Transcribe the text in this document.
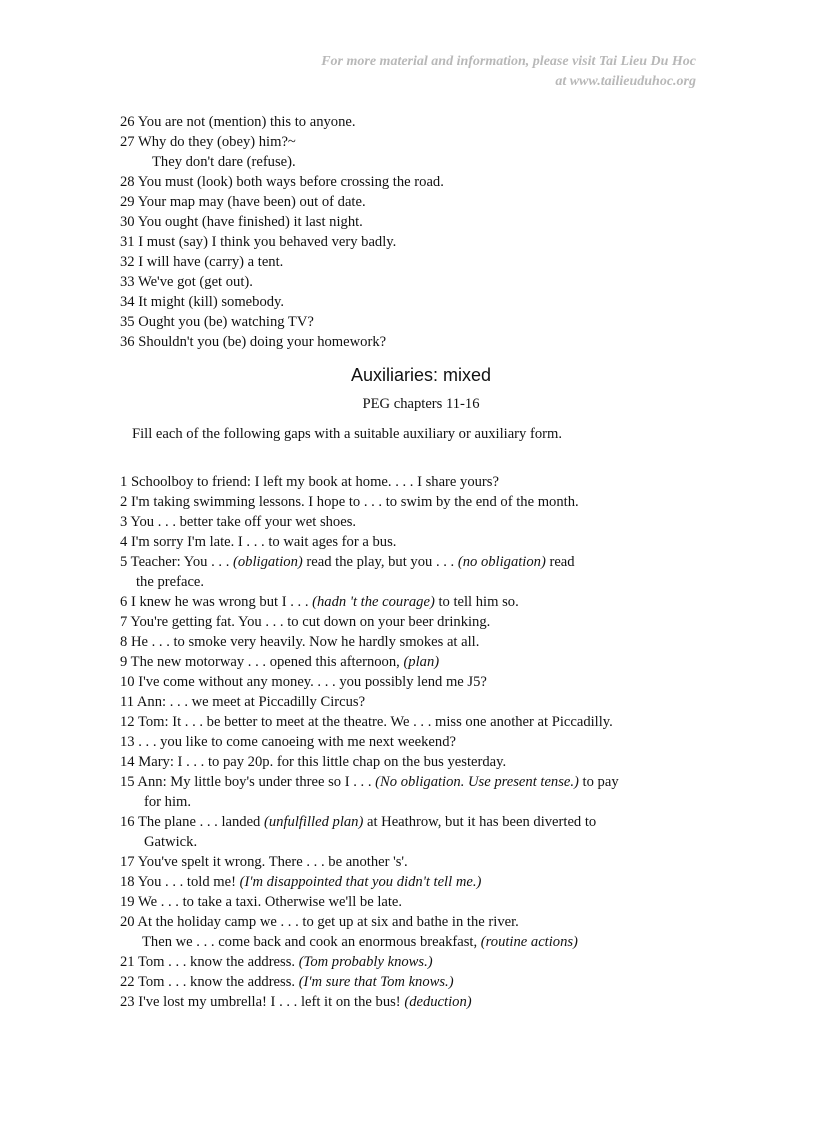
For more material and information, please visit Tai Lieu Du Hoc
at www.tailieuduhoc.org
26 You are not (mention) this to anyone.
27 Why do they (obey) him?~
They don't dare (refuse).
28 You must (look) both ways before crossing the road.
29 Your map may (have been) out of date.
30 You ought (have finished) it last night.
31 I must (say) I think you behaved very badly.
32 I will have (carry) a tent.
33 We've got (get out).
34 It might (kill) somebody.
35 Ought you (be) watching TV?
36 Shouldn't you (be) doing your homework?
Auxiliaries: mixed
PEG chapters 11-16
Fill each of the following gaps with a suitable auxiliary or auxiliary form.
1 Schoolboy to friend: I left my book at home. . . . I share yours?
2 I'm taking swimming lessons. I hope to . . . to swim by the end of the month.
3 You . . . better take off your wet shoes.
4 I'm sorry I'm late. I . . . to wait ages for a bus.
5 Teacher: You . . . (obligation) read the play, but you . . . (no obligation) read
the preface.
6 I knew he was wrong but I . . . (hadn 't the courage) to tell him so.
7 You're getting fat. You . . . to cut down on your beer drinking.
8 He . . . to smoke very heavily. Now he hardly smokes at all.
9 The new motorway . . . opened this afternoon, (plan)
10 I've come without any money. . . . you possibly lend me J5?
11 Ann: . . . we meet at Piccadilly Circus?
12 Tom: It . . . be better to meet at the theatre. We . . . miss one another at Piccadilly.
13 . . . you like to come canoeing with me next weekend?
14 Mary: I . . . to pay 20p. for this little chap on the bus yesterday.
15 Ann: My little boy's under three so I . . . (No obligation. Use present tense.) to pay
for him.
16 The plane . . . landed (unfulfilled plan) at Heathrow, but it has been diverted to
Gatwick.
17 You've spelt it wrong. There . . . be another 's'.
18 You . . . told me! (I'm disappointed that you didn't tell me.)
19 We . . . to take a taxi. Otherwise we'll be late.
20 At the holiday camp we . . . to get up at six and bathe in the river.
Then we . . . come back and cook an enormous breakfast, (routine actions)
21 Tom . . . know the address. (Tom probably knows.)
22 Tom . . . know the address. (I'm sure that Tom knows.)
23 I've lost my umbrella! I . . . left it on the bus! (deduction)
